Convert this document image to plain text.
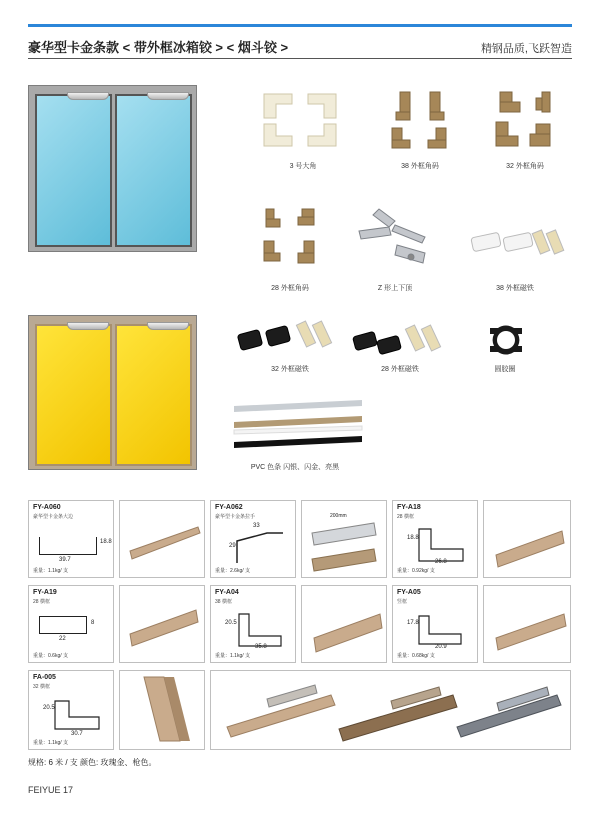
豪华型卡金条款 < 带外框冰箱铰 > < 烟斗铰 >	精钢品质,飞跃智造
3 号大角	38 外框角码	32 外框角码
28 外框角码	Z 形上下顶	38 外框磁铁
32 外框磁铁	28 外框磁铁	圆胶圈
PVC 色条 闪银、闪金、亮黑
FY-A060
豪华型卡金条大边
39.7
18.8
重量：1.1kg/ 支
FY-A062
豪华型卡金条拉手
33
29
重量：2.6kg/ 支
200mm
FY-A18
28 横框
18.8
26.8
重量：0.92kg/ 支
FY-A19
28 横框
22
8
重量：0.6kg/ 支
FY-A04
38 横框
20.5
35.8
重量：1.1kg/ 支
FY-A05
竖框
17.8
20.9
重量：0.68kg/ 支
FA-005
32 横框
20.5
30.7
重量：1.1kg/ 支
规格: 6 米 / 支 颜色: 玫瑰金、枪色。
FEIYUE 17
